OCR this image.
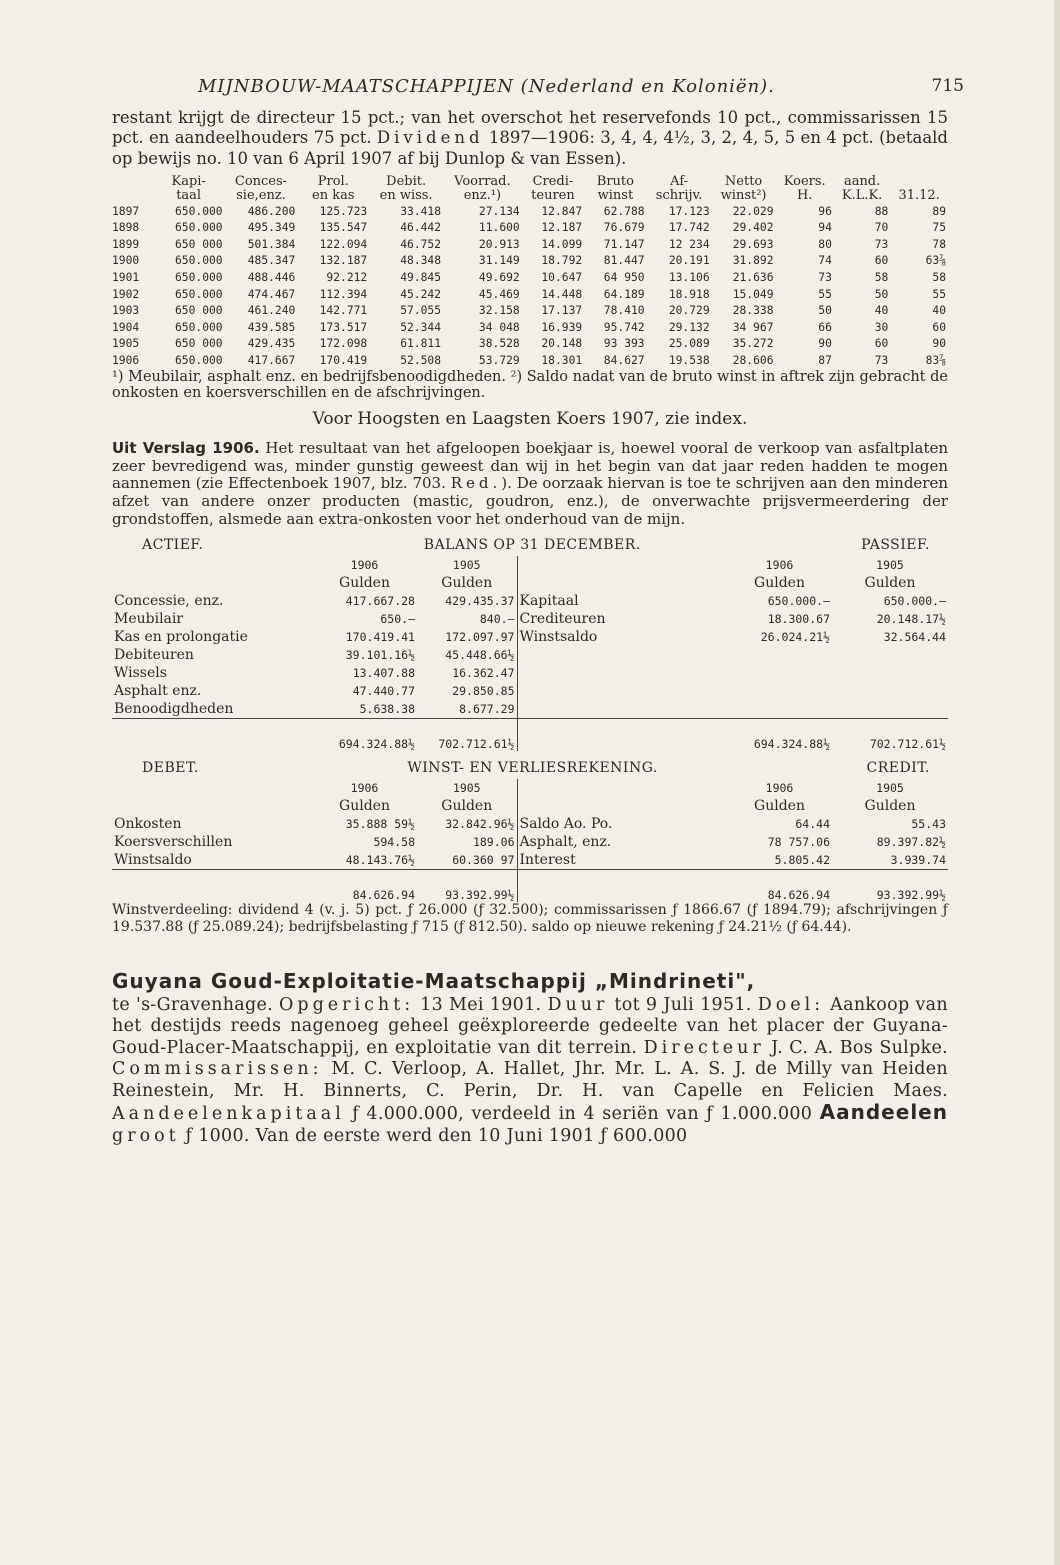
MIJNBOUW-MAATSCHAPPIJEN (Nederland en Koloniën).	715

restant krijgt de directeur 15 pct.; van het overschot het reservefonds 10 pct., commissarissen 15 pct. en aandeelhouders 75 pct. Dividend 1897—1906: 3, 4, 4, 4½, 3, 2, 4, 5, 5 en 4 pct. (betaald op bewijs no. 10 van 6 April 1907 af bij Dunlop & van Essen).

	Kapi-	Conces-	Prol.	Debit.	Voorrad.	Credi-	Bruto	Af-	Netto	Koers.	aand.	
	taal	sie,enz.	en kas	en wiss.	enz.¹)	teuren	winst	schrijv.	winst²)	H.	K.L.K.	31.12.
1897	650.000	486.200	125.723	33.418	27.134	12.847	62.788	17.123	22.029	96	88	89
1898	650.000	495.349	135.547	46.442	11.600	12.187	76.679	17.742	29.402	94	70	75
1899	650 000	501.384	122.094	46.752	20.913	14.099	71.147	12 234	29.693	80	73	78
1900	650.000	485.347	132.187	48.348	31.149	18.792	81.447	20.191	31.892	74	60	63⅞
1901	650.000	488.446	92.212	49.845	49.692	10.647	64 950	13.106	21.636	73	58	58
1902	650.000	474.467	112.394	45.242	45.469	14.448	64.189	18.918	15.049	55	50	55
1903	650 000	461.240	142.771	57.055	32.158	17.137	78.410	20.729	28.338	50	40	40
1904	650.000	439.585	173.517	52.344	34 048	16.939	95.742	29.132	34 967	66	30	60
1905	650 000	429.435	172.098	61.811	38.528	20.148	93 393	25.089	35.272	90	60	90
1906	650.000	417.667	170.419	52.508	53.729	18.301	84.627	19.538	28.606	87	73	83⅞

¹) Meubilair, asphalt enz. en bedrijfsbenoodigdheden. ²) Saldo nadat van de bruto winst in aftrek zijn gebracht de onkosten en koersverschillen en de afschrijvingen.

Voor Hoogsten en Laagsten Koers 1907, zie index.

Uit Verslag 1906. Het resultaat van het afgeloopen boekjaar is, hoewel vooral de verkoop van asfaltplaten zeer bevredigend was, minder gunstig geweest dan wij in het begin van dat jaar reden hadden te mogen aannemen (zie Effectenboek 1907, blz. 703. Red.). De oorzaak hiervan is toe te schrijven aan den minderen afzet van andere onzer producten (mastic, goudron, enz.), de onverwachte prijsvermeerdering der grondstoffen, alsmede aan extra-onkosten voor het onderhoud van de mijn.

ACTIEF.	BALANS OP 31 DECEMBER.	PASSIEF.
	1906	1905		1906	1905
	Gulden	Gulden		Gulden	Gulden
Concessie, enz.	417.667.28	429.435.37	Kapitaal	650.000.—	650.000.—
Meubilair	650.—	840.—	Crediteuren	18.300.67	20.148.17½
Kas en prolongatie	170.419.41	172.097.97	Winstsaldo	26.024.21½	32.564.44
Debiteuren	39.101.16½	45.448.66½			
Wissels	13.407.88	16.362.47			
Asphalt enz.	47.440.77	29.850.85			
Benoodigdheden	5.638.38	8.677.29			
	694.324.88½	702.712.61½		694.324.88½	702.712.61½
DEBET.	WINST- EN VERLIESREKENING.	CREDIT.
	1906	1905		1906	1905
	Gulden	Gulden		Gulden	Gulden
Onkosten	35.888 59½	32.842.96½	Saldo Ao. Po.	64.44	55.43
Koersverschillen	594.58	189.06	Asphalt, enz.	78 757.06	89.397.82½
Winstsaldo	48.143.76½	60.360 97	Interest	5.805.42	3.939.74
	84.626.94	93.392.99½		84.626.94	93.392.99½

Winstverdeeling: dividend 4 (v. j. 5) pct. ƒ 26.000 (ƒ 32.500); commissarissen ƒ 1866.67 (ƒ 1894.79); afschrijvingen ƒ 19.537.88 (ƒ 25.089.24); bedrijfsbelasting ƒ 715 (ƒ 812.50). saldo op nieuwe rekening ƒ 24.21½ (ƒ 64.44).

Guyana Goud-Exploitatie-Maatschappij „Mindrineti",
te 's-Gravenhage. Opgericht: 13 Mei 1901. Duur tot 9 Juli 1951. Doel: Aankoop van het destijds reeds nagenoeg geheel geëxploreerde gedeelte van het placer der Guyana-Goud-Placer-Maatschappij, en exploitatie van dit terrein. Directeur J. C. A. Bos Sulpke. Commissarissen: M. C. Verloop, A. Hallet, Jhr. Mr. L. A. S. J. de Milly van Heiden Reinestein, Mr. H. Binnerts, C. Perin, Dr. H. van Capelle en Felicien Maes. Aandeelenkapitaal ƒ 4.000.000, verdeeld in 4 seriën van ƒ 1.000.000 Aandeelen groot ƒ 1000. Van de eerste werd den 10 Juni 1901 ƒ 600.000
